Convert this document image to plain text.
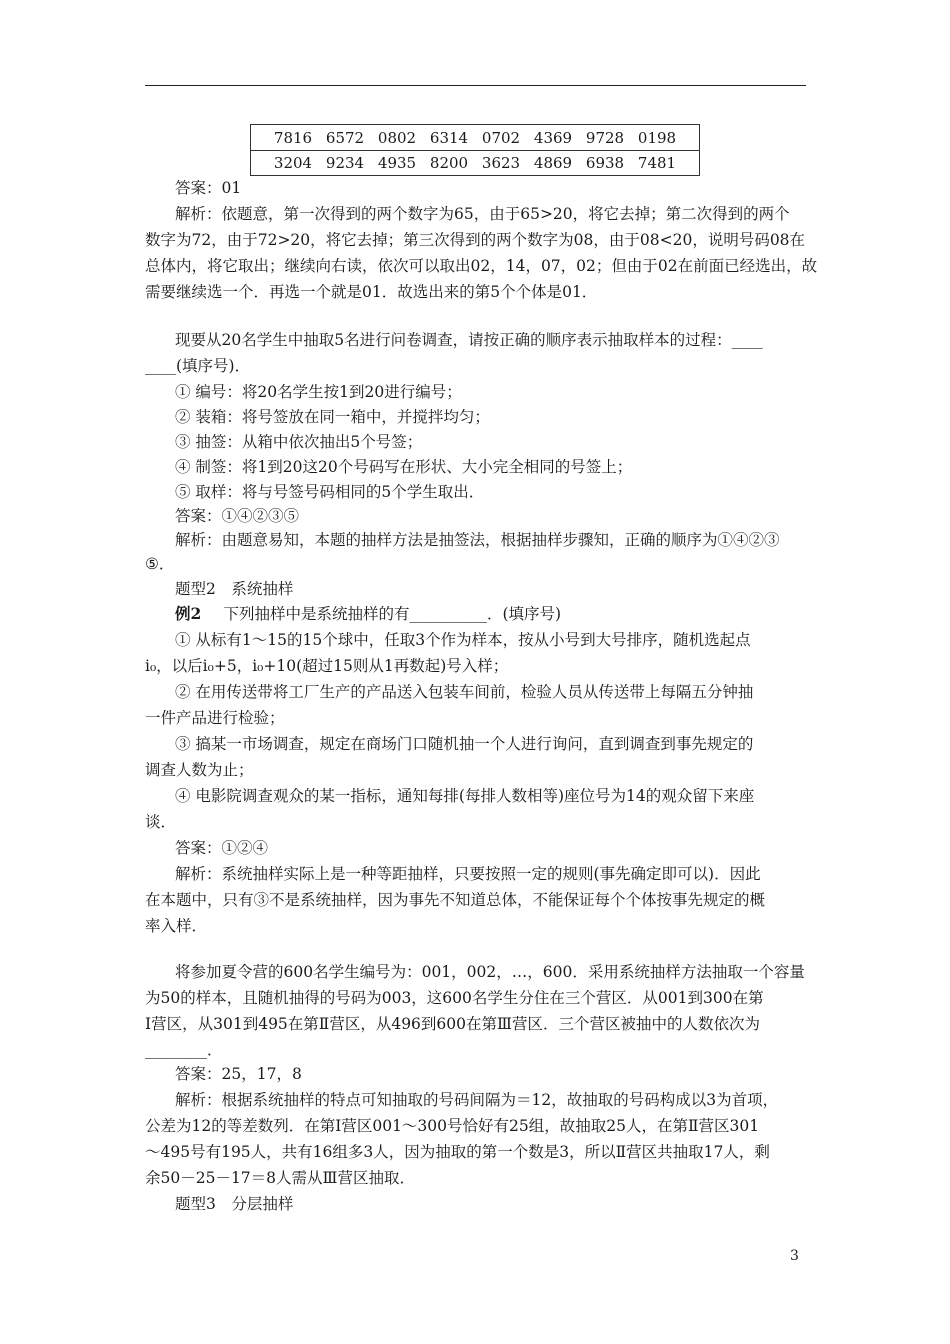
7816 6572 0802 6314 0702 4369 9728 0198
3204 9234 4935 8200 3623 4869 6938 7481
答案：01
解析：依题意，第一次得到的两个数字为65，由于65>20，将它去掉；第二次得到的两个
数字为72，由于72>20，将它去掉；第三次得到的两个数字为08，由于08<20，说明号码08在
总体内，将它取出；继续向右读，依次可以取出02，14，07，02；但由于02在前面已经选出，故
需要继续选一个．再选一个就是01．故选出来的第5个个体是01．
现要从20名学生中抽取5名进行问卷调查，请按正确的顺序表示抽取样本的过程：____
____(填序号)．
① 编号：将20名学生按1到20进行编号；
② 装箱：将号签放在同一箱中，并搅拌均匀；
③ 抽签：从箱中依次抽出5个号签；
④ 制签：将1到20这20个号码写在形状、大小完全相同的号签上；
⑤ 取样：将与号签号码相同的5个学生取出．
答案：①④②③⑤
解析：由题意易知，本题的抽样方法是抽签法，根据抽样步骤知，正确的顺序为①④②③
⑤．
题型2　系统抽样
例2 　下列抽样中是系统抽样的有__________．(填序号)
① 从标有1～15的15个球中，任取3个作为样本，按从小号到大号排序，随机选起点
i₀，以后i₀+5，i₀+10(超过15则从1再数起)号入样；
② 在用传送带将工厂生产的产品送入包装车间前，检验人员从传送带上每隔五分钟抽
一件产品进行检验；
③ 搞某一市场调查，规定在商场门口随机抽一个人进行询问，直到调查到事先规定的
调查人数为止；
④ 电影院调查观众的某一指标，通知每排(每排人数相等)座位号为14的观众留下来座
谈．
答案：①②④
解析：系统抽样实际上是一种等距抽样，只要按照一定的规则(事先确定即可以)．因此
在本题中，只有③不是系统抽样，因为事先不知道总体，不能保证每个个体按事先规定的概
率入样．
将参加夏令营的600名学生编号为：001，002，…，600．采用系统抽样方法抽取一个容量
为50的样本，且随机抽得的号码为003，这600名学生分住在三个营区．从001到300在第
Ⅰ营区，从301到495在第Ⅱ营区，从496到600在第Ⅲ营区．三个营区被抽中的人数依次为
________．
答案：25，17，8
解析：根据系统抽样的特点可知抽取的号码间隔为＝12，故抽取的号码构成以3为首项，
公差为12的等差数列．在第Ⅰ营区001～300号恰好有25组，故抽取25人，在第Ⅱ营区301
～495号有195人，共有16组多3人，因为抽取的第一个数是3，所以Ⅱ营区共抽取17人，剩
余50－25－17＝8人需从Ⅲ营区抽取．
题型3　分层抽样
3
